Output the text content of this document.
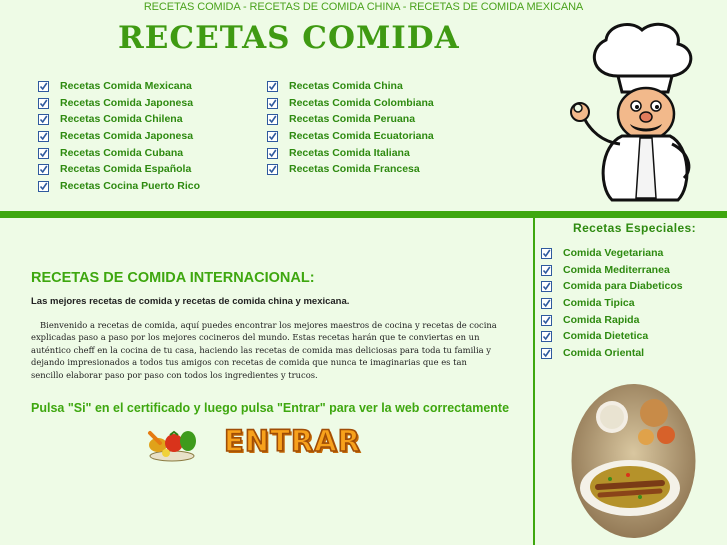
RECETAS COMIDA - RECETAS DE COMIDA CHINA - RECETAS DE COMIDA MEXICANA
RECETAS COMIDA
Recetas Comida Mexicana
Recetas Comida Japonesa
Recetas Comida Chilena
Recetas Comida Japonesa
Recetas Comida Cubana
Recetas Comida Española
Recetas Cocina Puerto Rico
Recetas Comida China
Recetas Comida Colombiana
Recetas Comida Peruana
Recetas Comida Ecuatoriana
Recetas Comida Italiana
Recetas Comida Francesa
Recetas Especiales:
Comida Vegetariana
Comida Mediterranea
Comida para Diabeticos
Comida Tipica
Comida Rapida
Comida Dietetica
Comida Oriental
RECETAS DE COMIDA INTERNACIONAL:

Las mejores recetas de comida y recetas de comida china y mexicana.

Bienvenido a recetas de comida, aquí puedes encontrar los mejores maestros de cocina y recetas de cocina explicadas paso a paso por los mejores cocineros del mundo. Estas recetas harán que te conviertas en un auténtico cheff en la cocina de tu casa, haciendo las recetas de comida mas deliciosas para toda tu familia y dejando impresionados a todos tus amigos con recetas de comida que nunca te imaginarias que es tan sencillo elaborar paso por paso con todos los ingredientes y trucos.

Pulsa "Si" en el certificado y luego pulsa "Entrar" para ver la web correctamente

ENTRAR
